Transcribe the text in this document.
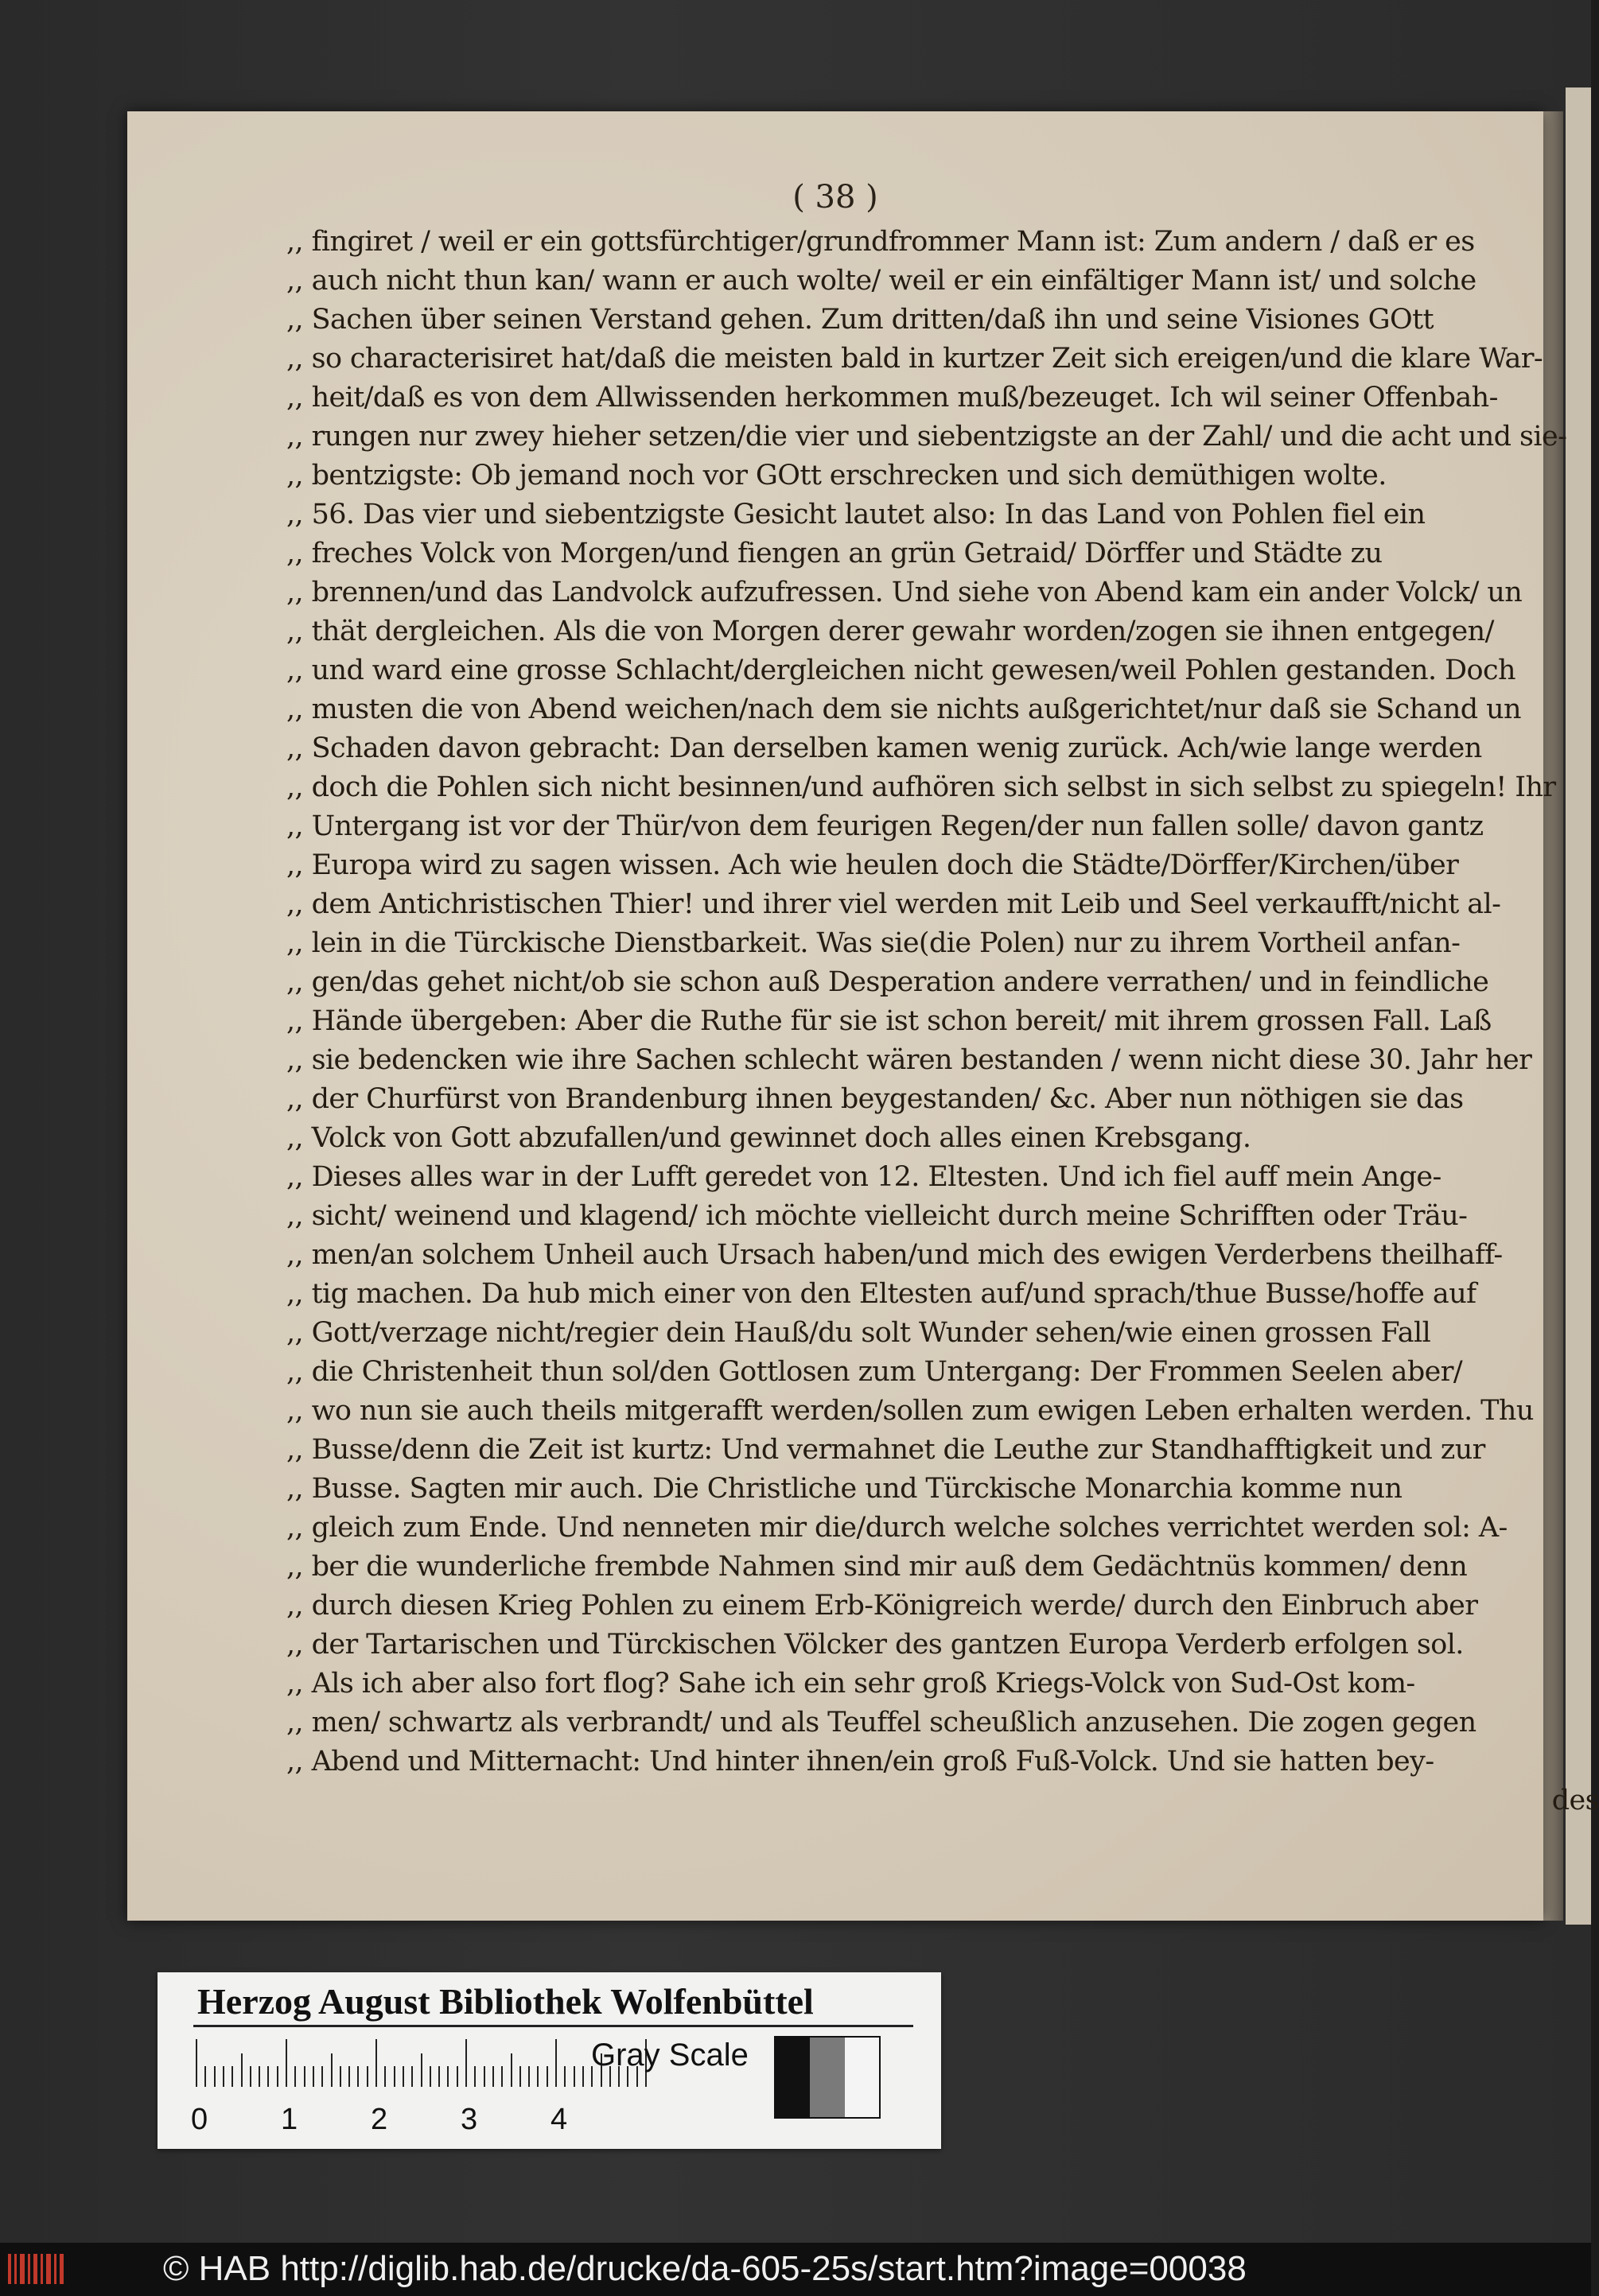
( 38 )
,, fingiret / weil er ein gottsfürchtiger/grundfrommer Mann ist: Zum andern / daß er es
,, auch nicht thun kan/ wann er auch wolte/ weil er ein einfältiger Mann ist/ und solche
,, Sachen über seinen Verstand gehen. Zum dritten/daß ihn und seine Visiones GOtt
,, so characterisiret hat/daß die meisten bald in kurtzer Zeit sich ereigen/und die klare War-
,, heit/daß es von dem Allwissenden herkommen muß/bezeuget. Ich wil seiner Offenbah-
,, rungen nur zwey hieher setzen/die vier und siebentzigste an der Zahl/ und die acht und sie-
,, bentzigste: Ob jemand noch vor GOtt erschrecken und sich demüthigen wolte.
,, 56. Das vier und siebentzigste Gesicht lautet also: In das Land von Pohlen fiel ein
,, freches Volck von Morgen/und fiengen an grün Getraid/ Dörffer und Städte zu
,, brennen/und das Landvolck aufzufressen. Und siehe von Abend kam ein ander Volck/ un
,, thät dergleichen. Als die von Morgen derer gewahr worden/zogen sie ihnen entgegen/
,, und ward eine grosse Schlacht/dergleichen nicht gewesen/weil Pohlen gestanden. Doch
,, musten die von Abend weichen/nach dem sie nichts außgerichtet/nur daß sie Schand un
,, Schaden davon gebracht: Dan derselben kamen wenig zurück. Ach/wie lange werden
,, doch die Pohlen sich nicht besinnen/und aufhören sich selbst in sich selbst zu spiegeln! Ihr
,, Untergang ist vor der Thür/von dem feurigen Regen/der nun fallen solle/ davon gantz
,, Europa wird zu sagen wissen. Ach wie heulen doch die Städte/Dörffer/Kirchen/über
,, dem Antichristischen Thier! und ihrer viel werden mit Leib und Seel verkaufft/nicht al-
,, lein in die Türckische Dienstbarkeit. Was sie(die Polen) nur zu ihrem Vortheil anfan-
,, gen/das gehet nicht/ob sie schon auß Desperation andere verrathen/ und in feindliche
,, Hände übergeben: Aber die Ruthe für sie ist schon bereit/ mit ihrem grossen Fall. Laß
,, sie bedencken wie ihre Sachen schlecht wären bestanden / wenn nicht diese 30. Jahr her
,, der Churfürst von Brandenburg ihnen beygestanden/ &c. Aber nun nöthigen sie das
,, Volck von Gott abzufallen/und gewinnet doch alles einen Krebsgang.
,, Dieses alles war in der Lufft geredet von 12. Eltesten. Und ich fiel auff mein Ange-
,, sicht/ weinend und klagend/ ich möchte vielleicht durch meine Schrifften oder Träu-
,, men/an solchem Unheil auch Ursach haben/und mich des ewigen Verderbens theilhaff-
,, tig machen. Da hub mich einer von den Eltesten auf/und sprach/thue Busse/hoffe auf
,, Gott/verzage nicht/regier dein Hauß/du solt Wunder sehen/wie einen grossen Fall
,, die Christenheit thun sol/den Gottlosen zum Untergang: Der Frommen Seelen aber/
,, wo nun sie auch theils mitgerafft werden/sollen zum ewigen Leben erhalten werden. Thu
,, Busse/denn die Zeit ist kurtz: Und vermahnet die Leuthe zur Standhafftigkeit und zur
,, Busse. Sagten mir auch. Die Christliche und Türckische Monarchia komme nun
,, gleich zum Ende. Und nenneten mir die/durch welche solches verrichtet werden sol: A-
,, ber die wunderliche frembde Nahmen sind mir auß dem Gedächtnüs kommen/ denn
,, durch diesen Krieg Pohlen zu einem Erb-Königreich werde/ durch den Einbruch aber
,, der Tartarischen und Türckischen Völcker des gantzen Europa Verderb erfolgen sol.
,, Als ich aber also fort flog? Sahe ich ein sehr groß Kriegs-Volck von Sud-Ost kom-
,, men/ schwartz als verbrandt/ und als Teuffel scheußlich anzusehen. Die zogen gegen
,, Abend und Mitternacht: Und hinter ihnen/ein groß Fuß-Volck. Und sie hatten bey-
des
Herzog August Bibliothek Wolfenbüttel
0 1 2 3 4
Gray Scale
© HAB http://diglib.hab.de/drucke/da-605-25s/start.htm?image=00038
